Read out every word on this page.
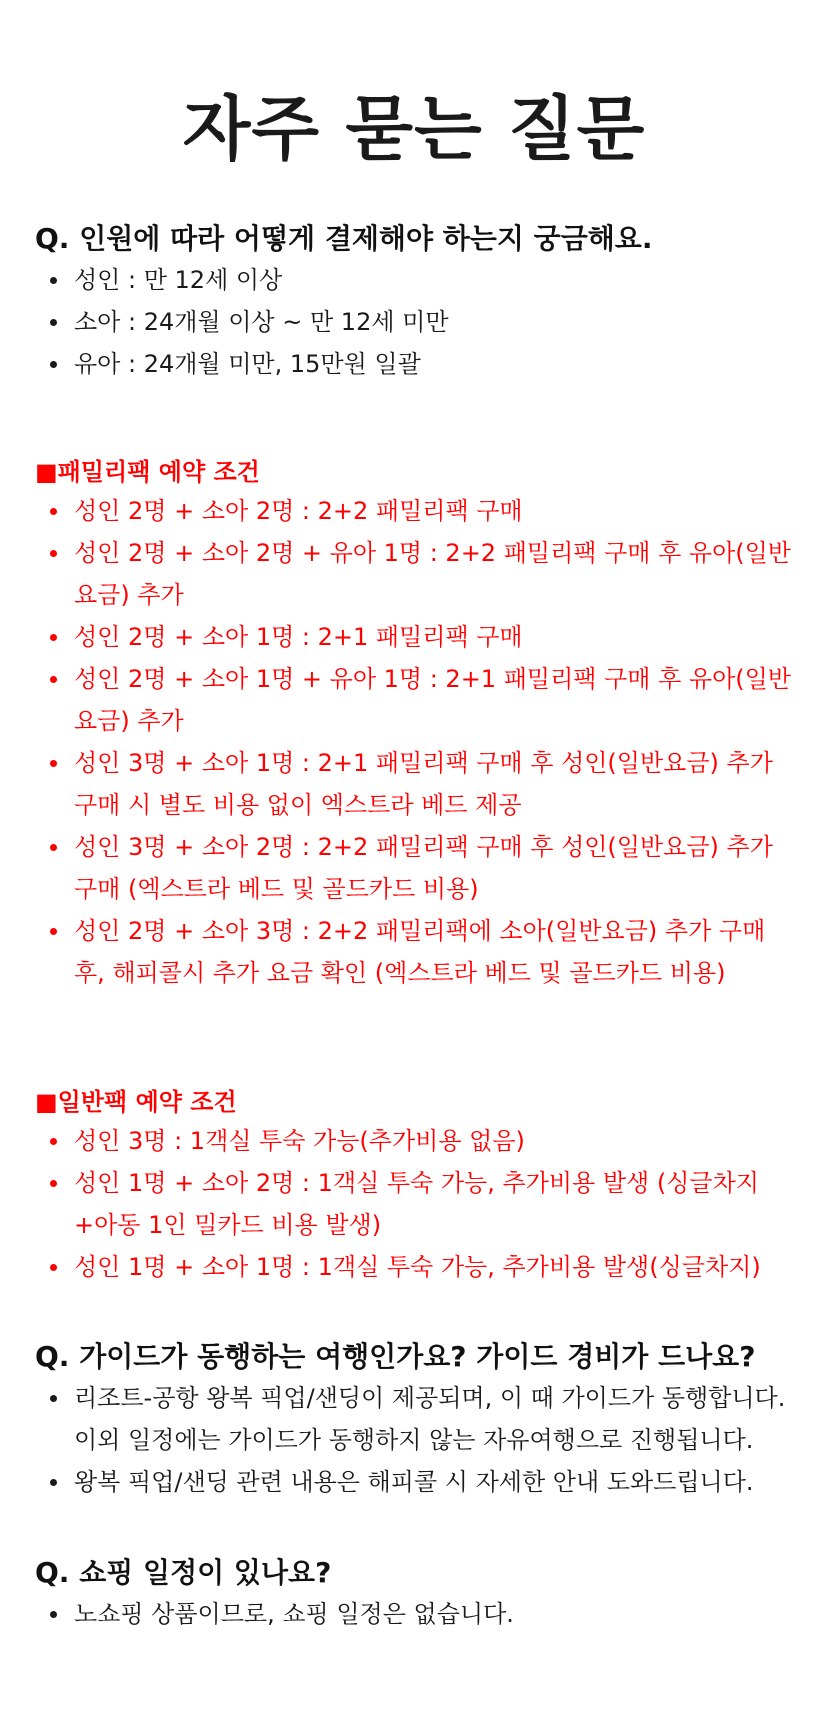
자주 묻는 질문
Q. 인원에 따라 어떻게 결제해야 하는지 궁금해요.
성인 : 만 12세 이상
소아 : 24개월 이상 ~ 만 12세 미만
유아 : 24개월 미만, 15만원 일괄
■패밀리팩 예약 조건
성인 2명 + 소아 2명 : 2+2 패밀리팩 구매
성인 2명 + 소아 2명 + 유아 1명 : 2+2 패밀리팩 구매 후 유아(일반요금) 추가
성인 2명 + 소아 1명 : 2+1 패밀리팩 구매
성인 2명 + 소아 1명 + 유아 1명 : 2+1 패밀리팩 구매 후 유아(일반요금) 추가
성인 3명 + 소아 1명 : 2+1 패밀리팩 구매 후 성인(일반요금) 추가 구매 시 별도 비용 없이 엑스트라 베드 제공
성인 3명 + 소아 2명 : 2+2 패밀리팩 구매 후 성인(일반요금) 추가 구매 (엑스트라 베드 및 골드카드 비용)
성인 2명 + 소아 3명 : 2+2 패밀리팩에 소아(일반요금) 추가 구매 후, 해피콜시 추가 요금 확인 (엑스트라 베드 및 골드카드 비용)
■일반팩 예약 조건
성인 3명 : 1객실 투숙 가능(추가비용 없음)
성인 1명 + 소아 2명 : 1객실 투숙 가능, 추가비용 발생 (싱글차지+아동 1인 밀카드 비용 발생)
성인 1명 + 소아 1명 : 1객실 투숙 가능, 추가비용 발생(싱글차지)
Q. 가이드가 동행하는 여행인가요? 가이드 경비가 드나요?
리조트-공항 왕복 픽업/샌딩이 제공되며, 이 때 가이드가 동행합니다. 이외 일정에는 가이드가 동행하지 않는 자유여행으로 진행됩니다.
왕복 픽업/샌딩 관련 내용은 해피콜 시 자세한 안내 도와드립니다.
Q. 쇼핑 일정이 있나요?
노쇼핑 상품이므로, 쇼핑 일정은 없습니다.
